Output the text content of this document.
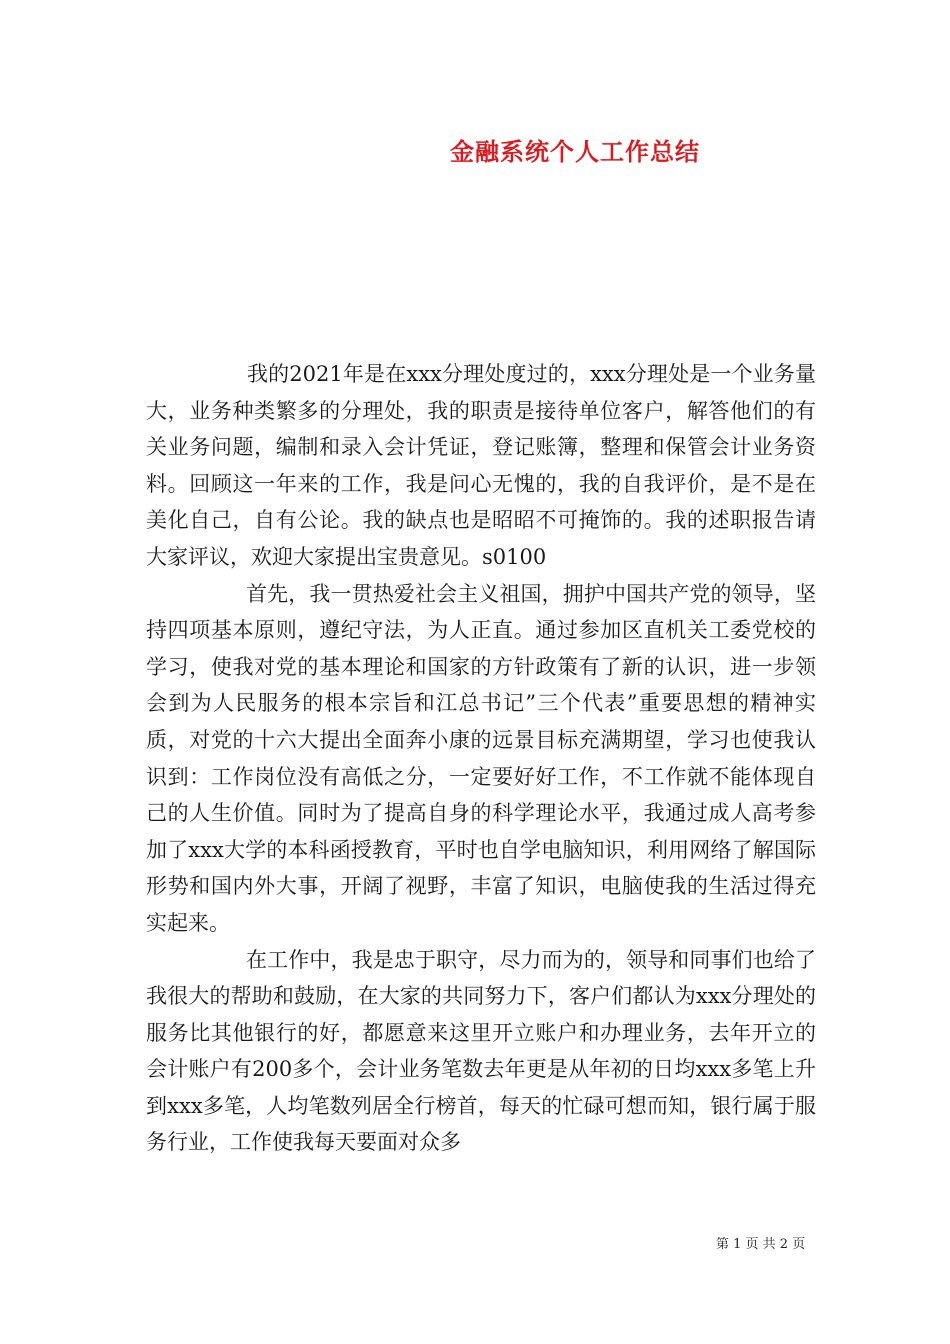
金融系统个人工作总结

我的2021年是在xxx分理处度过的，xxx分理处是一个业务量大，业务种类繁多的分理处，我的职责是接待单位客户，解答他们的有关业务问题，编制和录入会计凭证，登记账簿，整理和保管会计业务资料。回顾这一年来的工作，我是问心无愧的，我的自我评价，是不是在美化自己，自有公论。我的缺点也是昭昭不可掩饰的。我的述职报告请大家评议，欢迎大家提出宝贵意见。s0100

首先，我一贯热爱社会主义祖国，拥护中国共产党的领导，坚持四项基本原则，遵纪守法，为人正直。通过参加区直机关工委党校的学习，使我对党的基本理论和国家的方针政策有了新的认识，进一步领会到为人民服务的根本宗旨和江总书记”三个代表”重要思想的精神实质，对党的十六大提出全面奔小康的远景目标充满期望，学习也使我认识到：工作岗位没有高低之分，一定要好好工作，不工作就不能体现自己的人生价值。同时为了提高自身的科学理论水平，我通过成人高考参加了xxx大学的本科函授教育，平时也自学电脑知识，利用网络了解国际形势和国内外大事，开阔了视野，丰富了知识，电脑使我的生活过得充实起来。

在工作中，我是忠于职守，尽力而为的，领导和同事们也给了我很大的帮助和鼓励，在大家的共同努力下，客户们都认为xxx分理处的服务比其他银行的好，都愿意来这里开立账户和办理业务，去年开立的会计账户有200多个，会计业务笔数去年更是从年初的日均xxx多笔上升到xxx多笔，人均笔数列居全行榜首，每天的忙碌可想而知，银行属于服务行业，工作使我每天要面对众多

第 1 页 共 2 页
